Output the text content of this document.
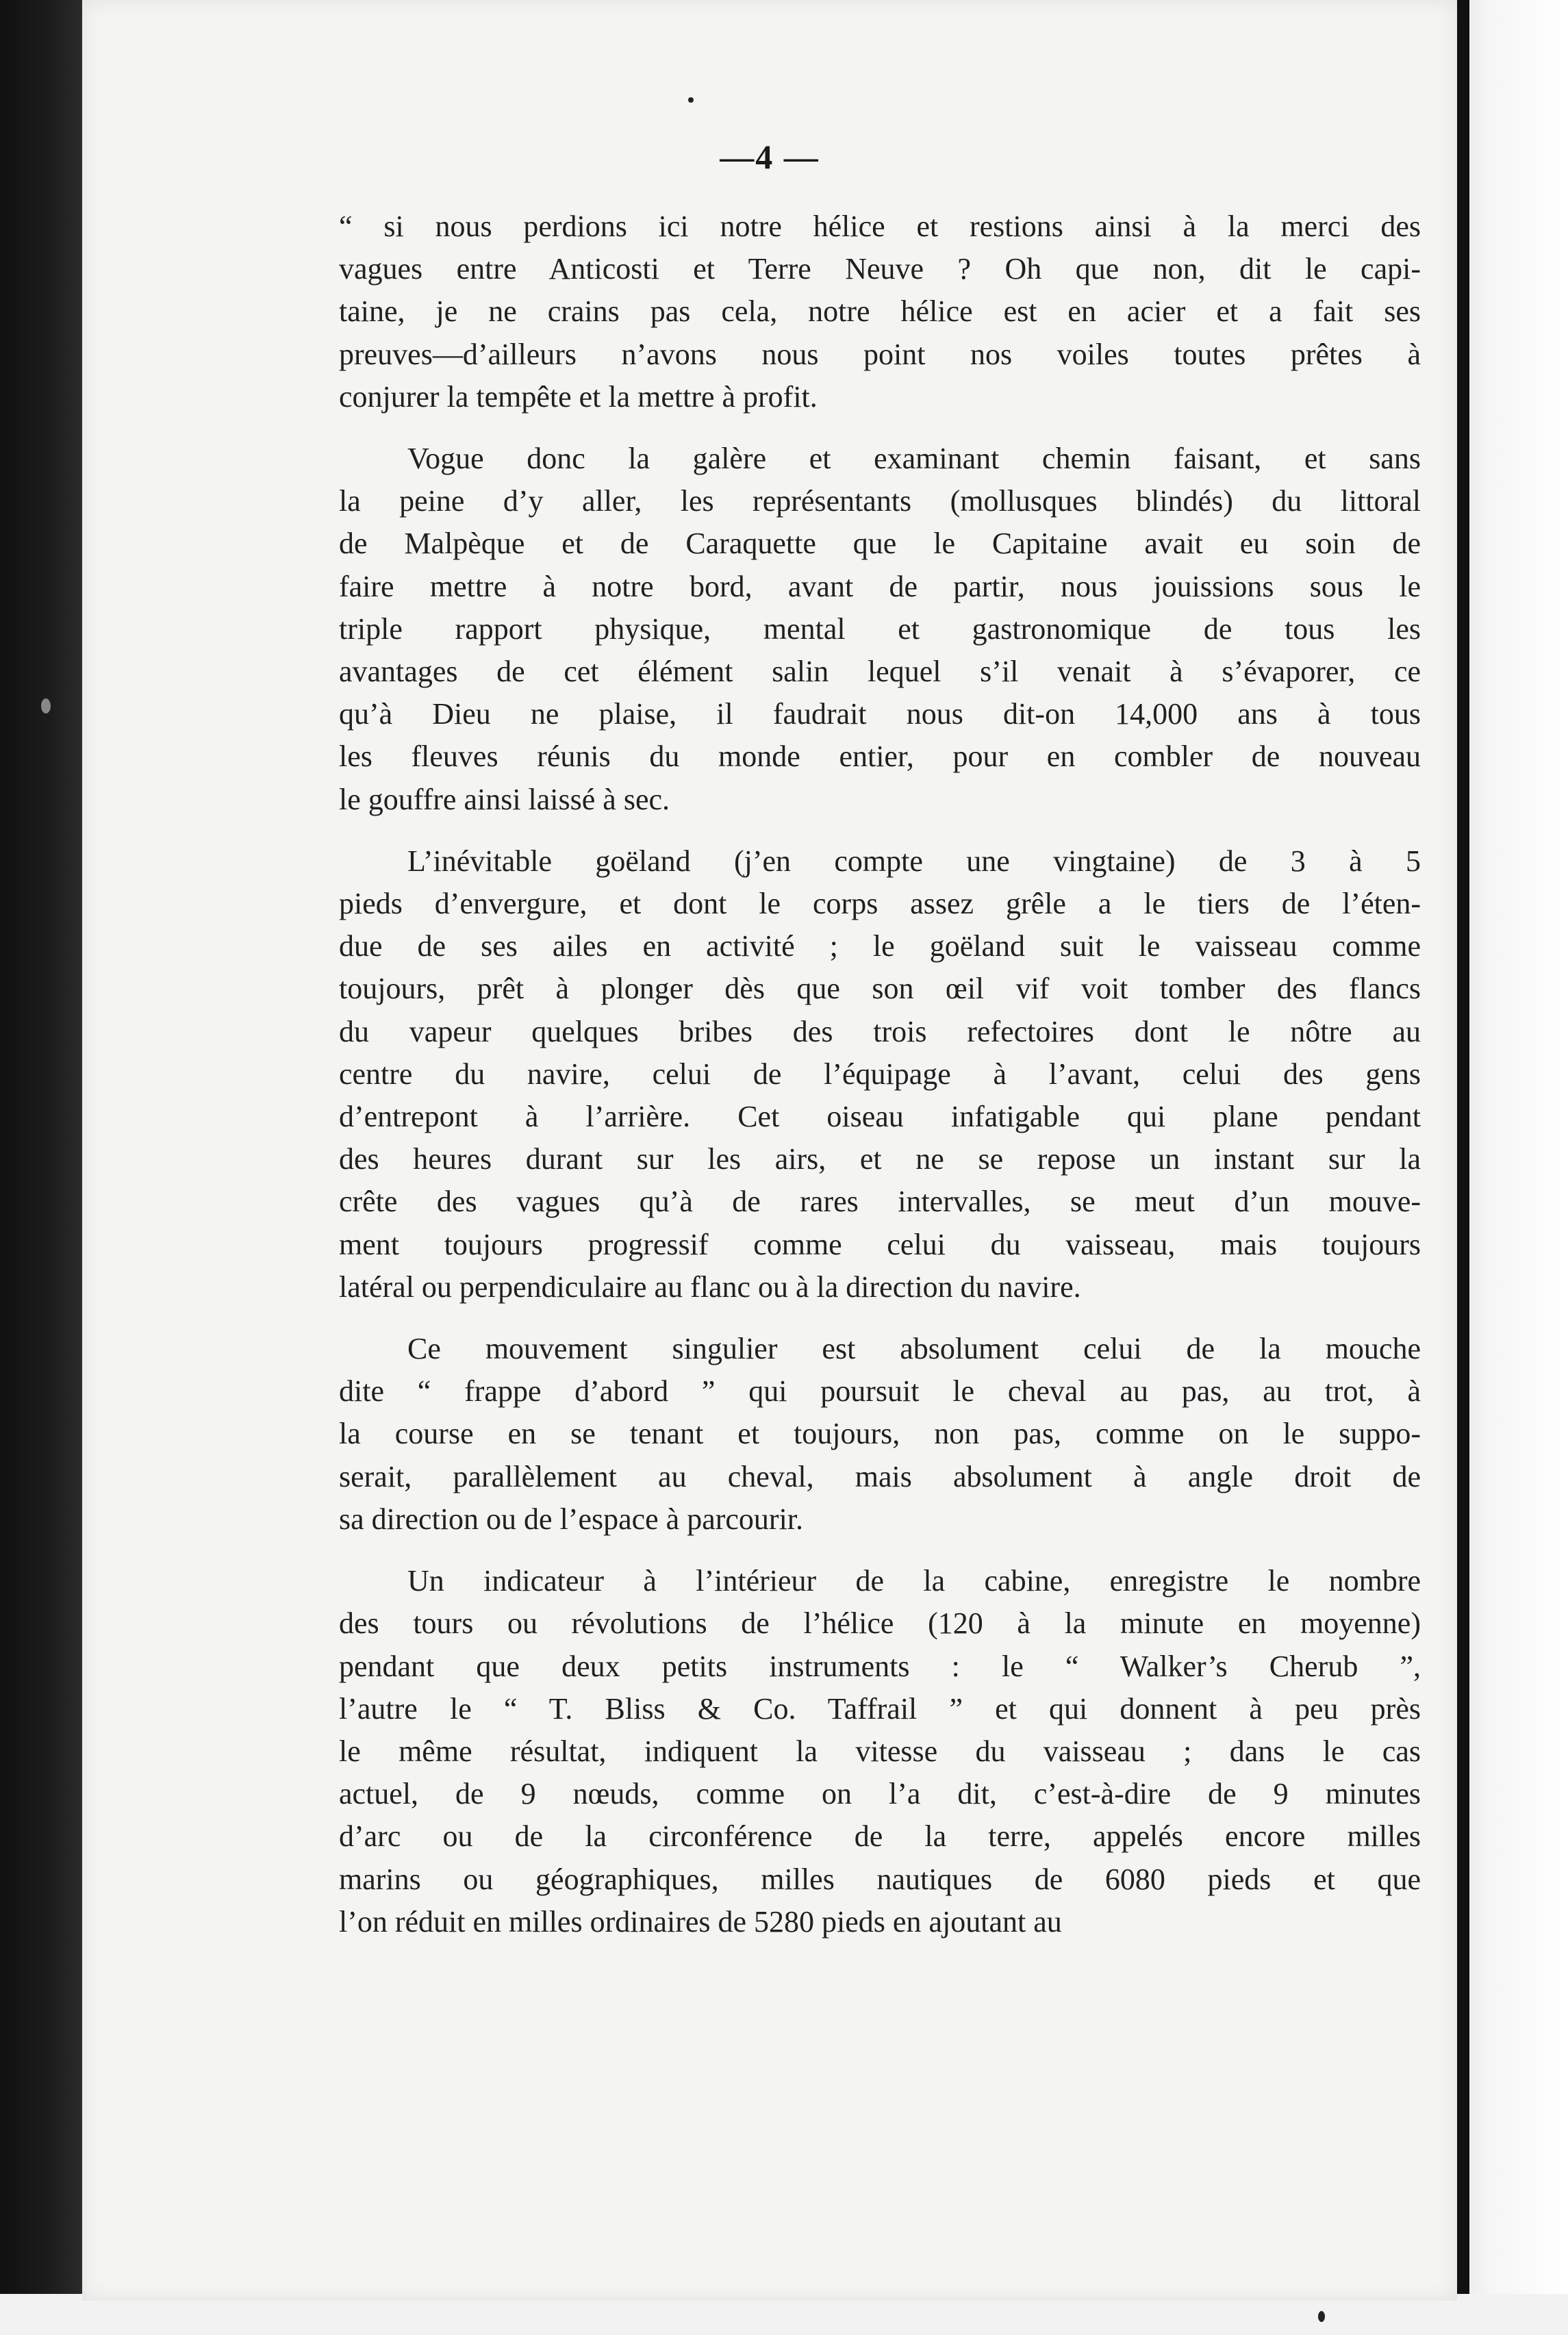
—4 —

“ si nous perdions ici notre hélice et restions ainsi à la merci des
vagues entre Anticosti et Terre Neuve ? Oh que non, dit le capi-
taine, je ne crains pas cela, notre hélice est en acier et a fait ses
preuves—d’ailleurs n’avons nous point nos voiles toutes prêtes à
conjurer la tempête et la mettre à profit.

Vogue donc la galère et examinant chemin faisant, et sans
la peine d’y aller, les représentants (mollusques blindés) du littoral
de Malpèque et de Caraquette que le Capitaine avait eu soin de
faire mettre à notre bord, avant de partir, nous jouissions sous le
triple rapport physique, mental et gastronomique de tous les
avantages de cet élément salin lequel s’il venait à s’évaporer, ce
qu’à Dieu ne plaise, il faudrait nous dit-on 14,000 ans à tous
les fleuves réunis du monde entier, pour en combler de nouveau
le gouffre ainsi laissé à sec.

L’inévitable goëland (j’en compte une vingtaine) de 3 à 5
pieds d’envergure, et dont le corps assez grêle a le tiers de l’éten-
due de ses ailes en activité ; le goëland suit le vaisseau comme
toujours, prêt à plonger dès que son œil vif voit tomber des flancs
du vapeur quelques bribes des trois refectoires dont le nôtre au
centre du navire, celui de l’équipage à l’avant, celui des gens
d’entrepont à l’arrière. Cet oiseau infatigable qui plane pendant
des heures durant sur les airs, et ne se repose un instant sur la
crête des vagues qu’à de rares intervalles, se meut d’un mouve-
ment toujours progressif comme celui du vaisseau, mais toujours
latéral ou perpendiculaire au flanc ou à la direction du navire.

Ce mouvement singulier est absolument celui de la mouche
dite “ frappe d’abord ” qui poursuit le cheval au pas, au trot, à
la course en se tenant et toujours, non pas, comme on le suppo-
serait, parallèlement au cheval, mais absolument à angle droit de
sa direction ou de l’espace à parcourir.

Un indicateur à l’intérieur de la cabine, enregistre le nombre
des tours ou révolutions de l’hélice (120 à la minute en moyenne)
pendant que deux petits instruments : le “ Walker’s Cherub ”,
l’autre le “ T. Bliss & Co. Taffrail ” et qui donnent à peu près
le même résultat, indiquent la vitesse du vaisseau ; dans le cas
actuel, de 9 nœuds, comme on l’a dit, c’est-à-dire de 9 minutes
d’arc ou de la circonférence de la terre, appelés encore milles
marins ou géographiques, milles nautiques de 6080 pieds et que
l’on réduit en milles ordinaires de 5280 pieds en ajoutant au
